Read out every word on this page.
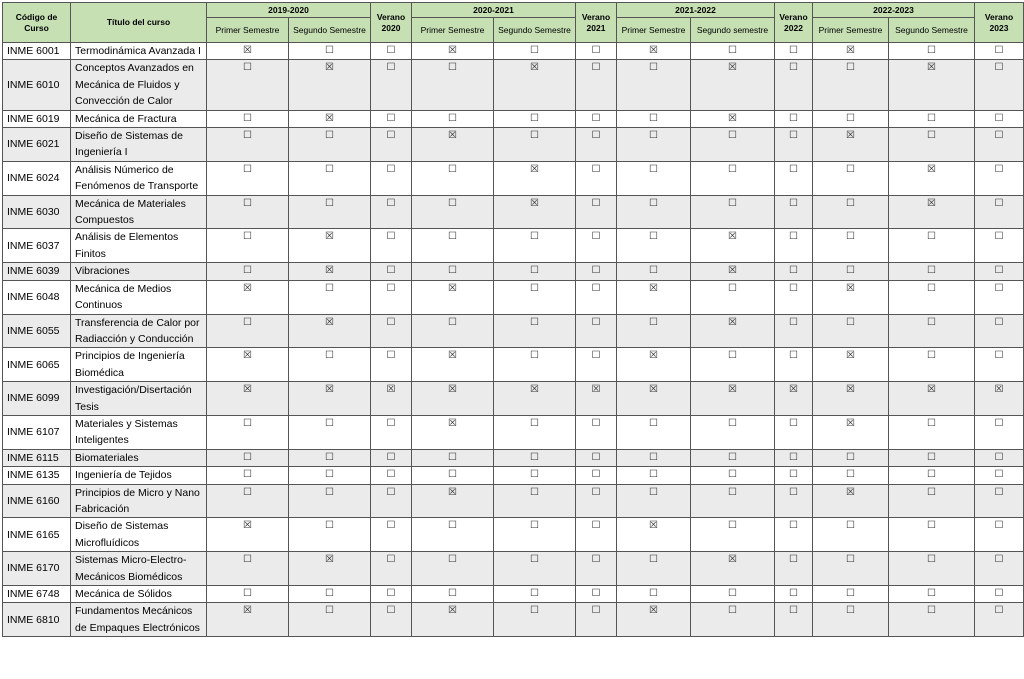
Código de Curso	Título del curso	2019-2020		Verano 2020	2020-2021		Verano 2021	2021-2022		Verano 2022	2022-2023		Verano 2023
		Primer Semestre	Segundo Semestre		Primer Semestre	Segundo Semestre		Primer Semestre	Segundo semestre		Primer Semestre	Segundo Semestre	
INME 6001	Termodinámica Avanzada I	☒	☐	☐	☒	☐	☐	☒	☐	☐	☒	☐	☐
INME 6010	Conceptos Avanzados en Mecánica de Fluidos y Convección de Calor	☐	☒	☐	☐	☒	☐	☐	☒	☐	☐	☒	☐
INME 6019	Mecánica de Fractura	☐	☒	☐	☐	☐	☐	☐	☒	☐	☐	☐	☐
INME 6021	Diseño de Sistemas de Ingeniería I	☐	☐	☐	☒	☐	☐	☐	☐	☐	☒	☐	☐
INME 6024	Análisis Númerico de Fenómenos de Transporte	☐	☐	☐	☐	☒	☐	☐	☐	☐	☐	☒	☐
INME 6030	Mecánica de Materiales Compuestos	☐	☐	☐	☐	☒	☐	☐	☐	☐	☐	☒	☐
INME 6037	Análisis de Elementos Finitos	☐	☒	☐	☐	☐	☐	☐	☒	☐	☐	☐	☐
INME 6039	Vibraciones	☐	☒	☐	☐	☐	☐	☐	☒	☐	☐	☐	☐
INME 6048	Mecánica de Medios Continuos	☒	☐	☐	☒	☐	☐	☒	☐	☐	☒	☐	☐
INME 6055	Transferencia de Calor por Radiacción y Conducción	☐	☒	☐	☐	☐	☐	☐	☒	☐	☐	☐	☐
INME 6065	Principios de Ingeniería Biomédica	☒	☐	☐	☒	☐	☐	☒	☐	☐	☒	☐	☐
INME 6099	Investigación/Disertación Tesis	☒	☒	☒	☒	☒	☒	☒	☒	☒	☒	☒	☒
INME 6107	Materiales y Sistemas Inteligentes	☐	☐	☐	☒	☐	☐	☐	☐	☐	☒	☐	☐
INME 6115	Biomateriales	☐	☐	☐	☐	☐	☐	☐	☐	☐	☐	☐	☐
INME 6135	Ingeniería de Tejidos	☐	☐	☐	☐	☐	☐	☐	☐	☐	☐	☐	☐
INME 6160	Principios de Micro y Nano Fabricación	☐	☐	☐	☒	☐	☐	☐	☐	☐	☒	☐	☐
INME 6165	Diseño de Sistemas Microfluídicos	☒	☐	☐	☐	☐	☐	☒	☐	☐	☐	☐	☐
INME 6170	Sistemas Micro-Electro-Mecánicos Biomédicos	☐	☒	☐	☐	☐	☐	☐	☒	☐	☐	☐	☐
INME 6748	Mecánica de Sólidos	☐	☐	☐	☐	☐	☐	☐	☐	☐	☐	☐	☐
INME 6810	Fundamentos Mecánicos de Empaques Electrónicos	☒	☐	☐	☒	☐	☐	☒	☐	☐	☐	☐	☐
